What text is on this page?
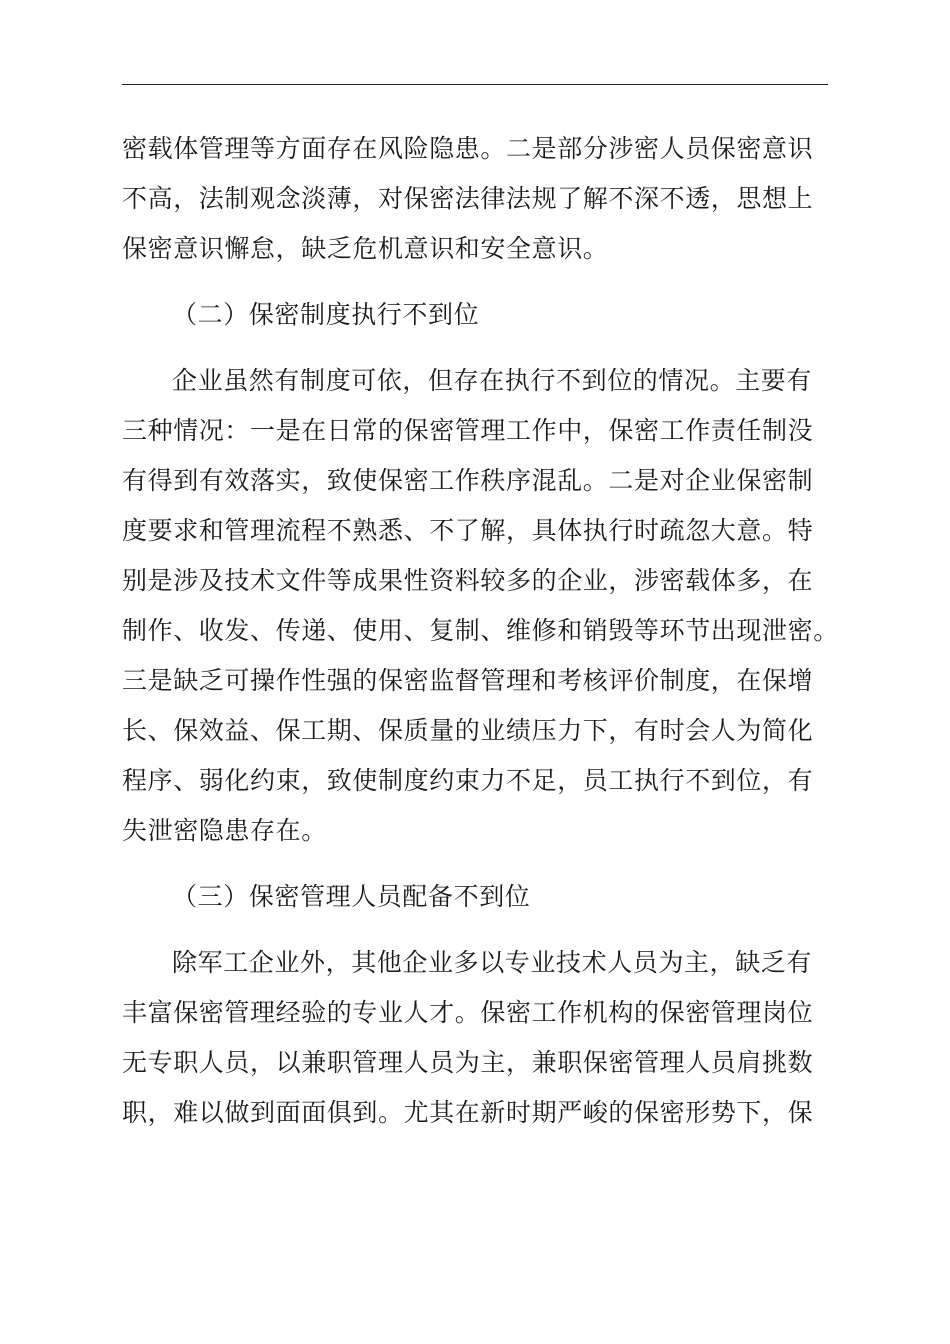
密载体管理等方面存在风险隐患。二是部分涉密人员保密意识
不高，法制观念淡薄，对保密法律法规了解不深不透，思想上
保密意识懈怠，缺乏危机意识和安全意识。
（二）保密制度执行不到位
企业虽然有制度可依，但存在执行不到位的情况。主要有
三种情况：一是在日常的保密管理工作中，保密工作责任制没
有得到有效落实，致使保密工作秩序混乱。二是对企业保密制
度要求和管理流程不熟悉、不了解，具体执行时疏忽大意。特
别是涉及技术文件等成果性资料较多的企业，涉密载体多，在
制作、收发、传递、使用、复制、维修和销毁等环节出现泄密。
三是缺乏可操作性强的保密监督管理和考核评价制度，在保增
长、保效益、保工期、保质量的业绩压力下，有时会人为简化
程序、弱化约束，致使制度约束力不足，员工执行不到位，有
失泄密隐患存在。
（三）保密管理人员配备不到位
除军工企业外，其他企业多以专业技术人员为主，缺乏有
丰富保密管理经验的专业人才。保密工作机构的保密管理岗位
无专职人员，以兼职管理人员为主，兼职保密管理人员肩挑数
职，难以做到面面俱到。尤其在新时期严峻的保密形势下，保
